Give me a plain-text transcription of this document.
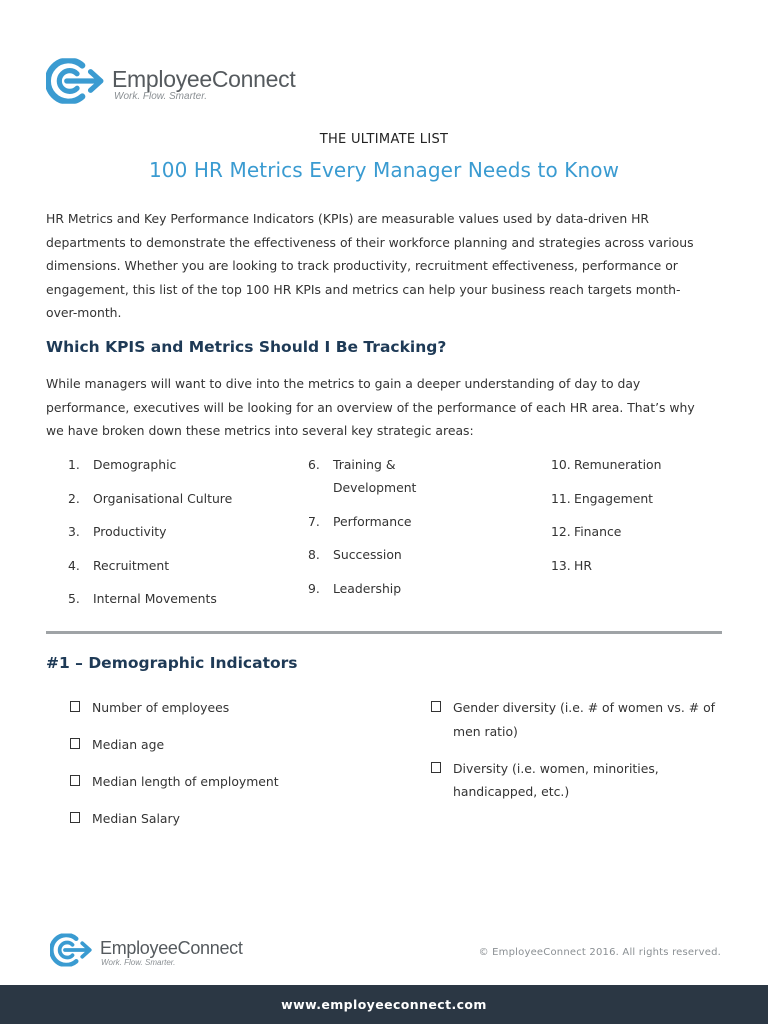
EmployeeConnect
Work. Flow. Smarter.
THE ULTIMATE LIST
100 HR Metrics Every Manager Needs to Know
HR Metrics and Key Performance Indicators (KPIs) are measurable values used by data-driven HR
departments to demonstrate the effectiveness of their workforce planning and strategies across various
dimensions. Whether you are looking to track productivity, recruitment effectiveness, performance or
engagement, this list of the top 100 HR KPIs and metrics can help your business reach targets month-
over-month.
Which KPIS and Metrics Should I Be Tracking?
While managers will want to dive into the metrics to gain a deeper understanding of day to day
performance, executives will be looking for an overview of the performance of each HR area. That’s why
we have broken down these metrics into several key strategic areas:
1. Demographic
2. Organisational Culture
3. Productivity
4. Recruitment
5. Internal Movements
6. Training &
Development
7. Performance
8. Succession
9. Leadership
10. Remuneration
11. Engagement
12. Finance
13. HR
#1 – Demographic Indicators
Number of employees
Median age
Median length of employment
Median Salary
Gender diversity (i.e. # of women vs. # of
men ratio)
Diversity (i.e. women, minorities,
handicapped, etc.)
EmployeeConnect
Work. Flow. Smarter.
© EmployeeConnect 2016. All rights reserved.
www.employeeconnect.com
